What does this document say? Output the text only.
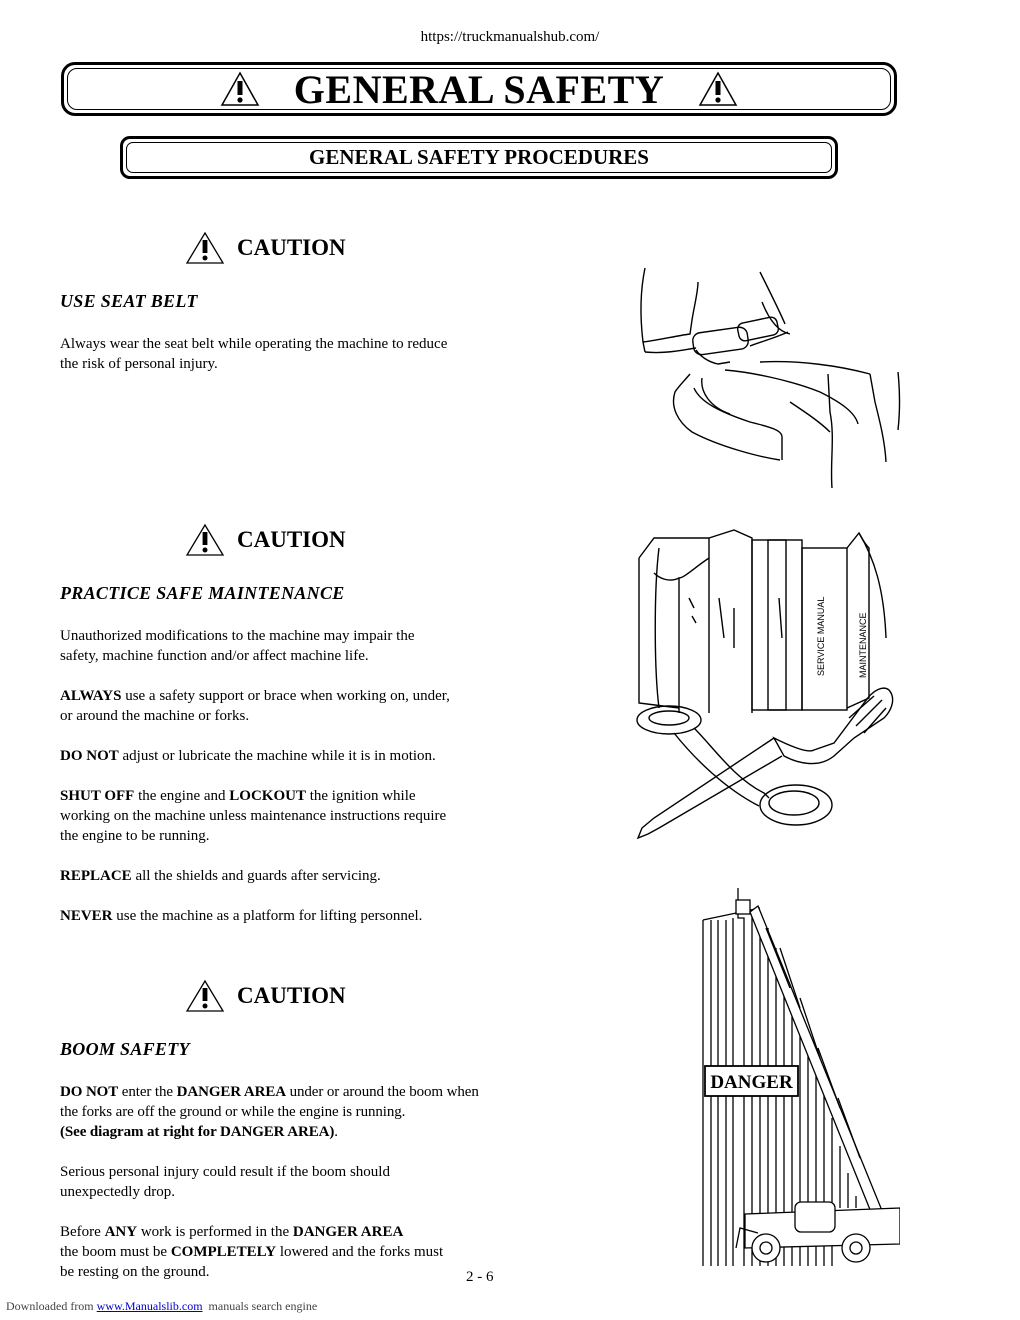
https://truckmanualshub.com/
GENERAL SAFETY
GENERAL SAFETY PROCEDURES
CAUTION
USE SEAT BELT
Always wear the seat belt while operating the machine to reduce the risk of personal injury.
CAUTION
PRACTICE SAFE MAINTENANCE
Unauthorized modifications to the machine may impair the safety, machine function and/or affect machine life.
ALWAYS use a safety support or brace when working on, under, or around the machine or forks.
DO NOT adjust or lubricate the machine while it is in motion.
SHUT OFF the engine and LOCKOUT the ignition while working on the machine unless maintenance instructions require the engine to be running.
REPLACE all the shields and guards after servicing.
NEVER use the machine as a platform for lifting personnel.
SERVICE MANUAL	MAINTENANCE
CAUTION
BOOM SAFETY
DO NOT enter the DANGER AREA under or around the boom when the forks are off the ground or while the engine is running.
(See diagram at right for DANGER AREA).
Serious personal injury could result if the boom should unexpectedly drop.
Before ANY work is performed in the DANGER AREA
the boom must be COMPLETELY lowered and the forks must be resting on the ground.
DANGER
2 - 6
Downloaded from www.Manualslib.com  manuals search engine
